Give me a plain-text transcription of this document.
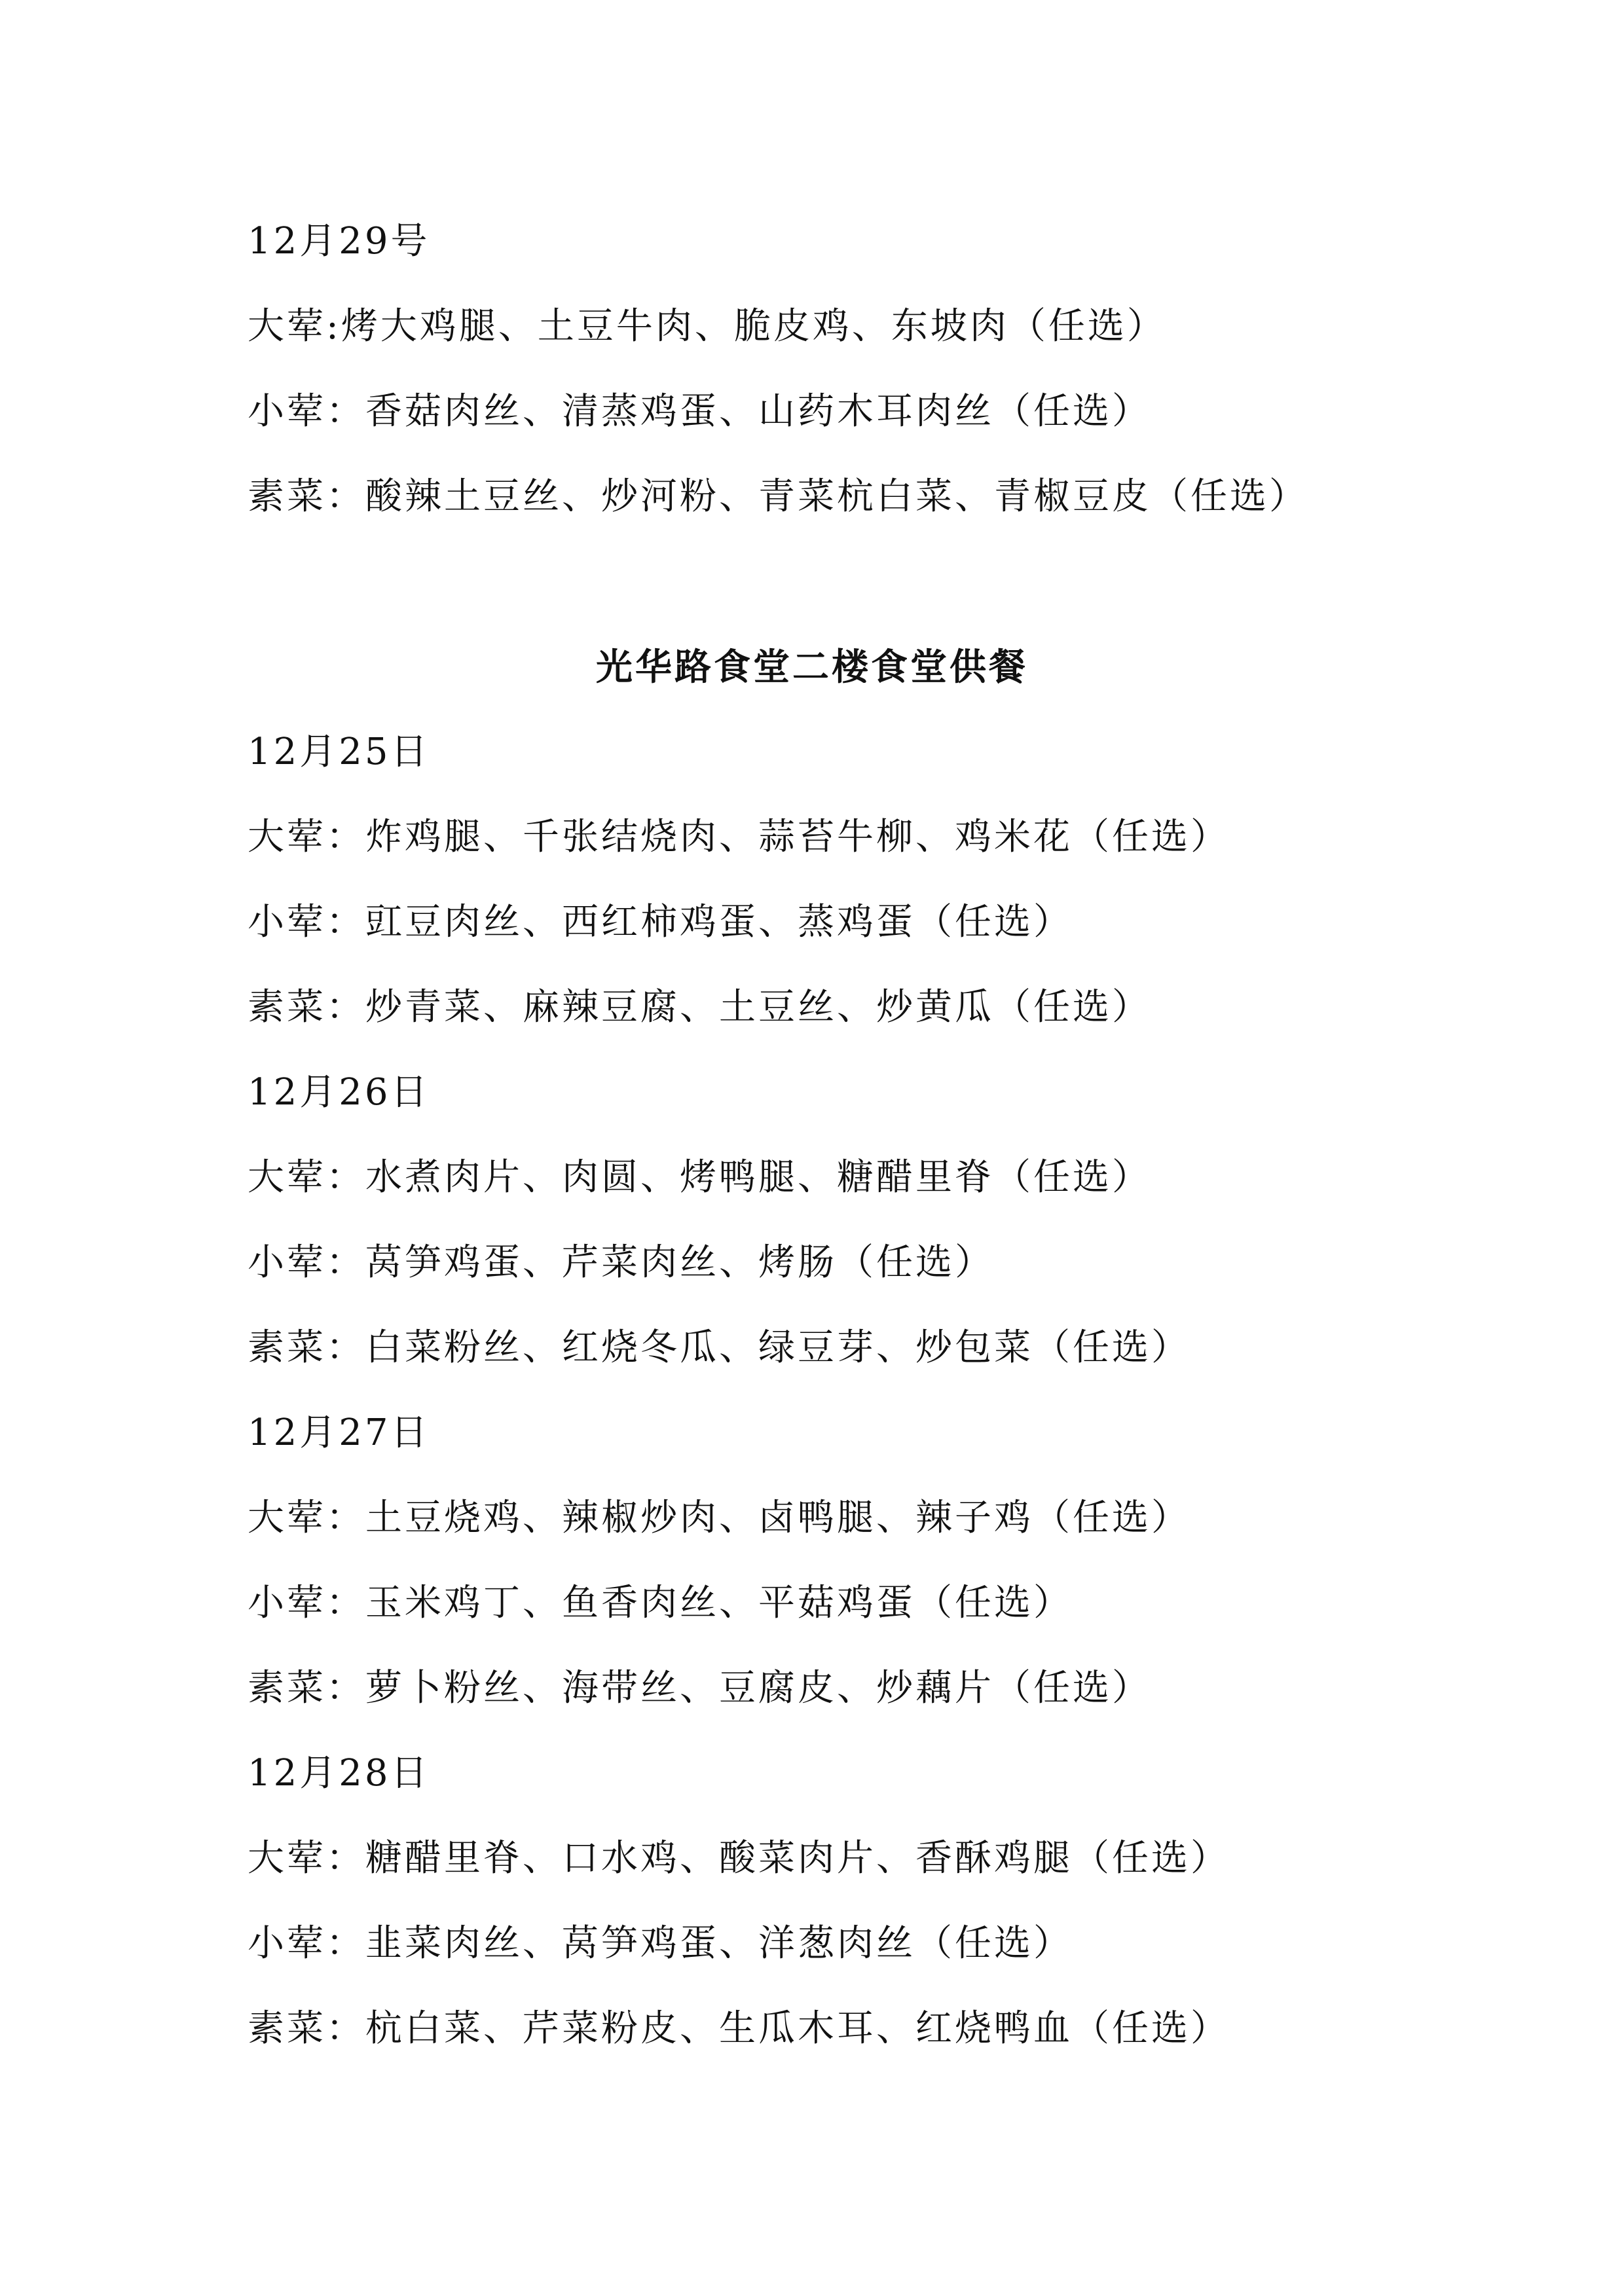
12月29号
大荤:烤大鸡腿、土豆牛肉、脆皮鸡、东坡肉（任选）
小荤：香菇肉丝、清蒸鸡蛋、山药木耳肉丝（任选）
素菜：酸辣土豆丝、炒河粉、青菜杭白菜、青椒豆皮（任选）
光华路食堂二楼食堂供餐
12月25日
大荤：炸鸡腿、千张结烧肉、蒜苔牛柳、鸡米花（任选）
小荤：豇豆肉丝、西红柿鸡蛋、蒸鸡蛋（任选）
素菜：炒青菜、麻辣豆腐、土豆丝、炒黄瓜（任选）
12月26日
大荤：水煮肉片、肉圆、烤鸭腿、糖醋里脊（任选）
小荤：莴笋鸡蛋、芹菜肉丝、烤肠（任选）
素菜：白菜粉丝、红烧冬瓜、绿豆芽、炒包菜（任选）
12月27日
大荤：土豆烧鸡、辣椒炒肉、卤鸭腿、辣子鸡（任选）
小荤：玉米鸡丁、鱼香肉丝、平菇鸡蛋（任选）
素菜：萝卜粉丝、海带丝、豆腐皮、炒藕片（任选）
12月28日
大荤：糖醋里脊、口水鸡、酸菜肉片、香酥鸡腿（任选）
小荤：韭菜肉丝、莴笋鸡蛋、洋葱肉丝（任选）
素菜：杭白菜、芹菜粉皮、生瓜木耳、红烧鸭血（任选）
